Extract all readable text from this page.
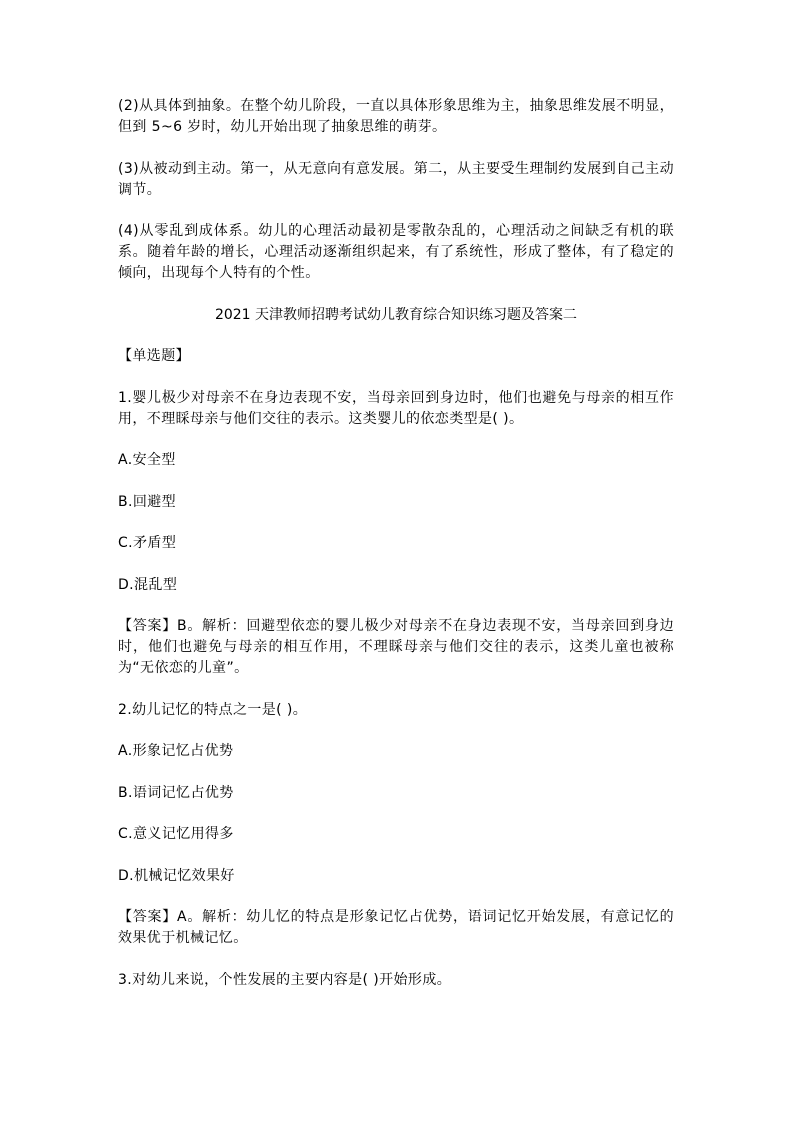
(2)从具体到抽象。在整个幼儿阶段，一直以具体形象思维为主，抽象思维发展不明显，但到 5~6 岁时，幼儿开始出现了抽象思维的萌芽。

(3)从被动到主动。第一，从无意向有意发展。第二，从主要受生理制约发展到自己主动调节。

(4)从零乱到成体系。幼儿的心理活动最初是零散杂乱的，心理活动之间缺乏有机的联系。随着年龄的增长，心理活动逐渐组织起来，有了系统性，形成了整体，有了稳定的倾向，出现每个人特有的个性。

2021 天津教师招聘考试幼儿教育综合知识练习题及答案二

【单选题】

1.婴儿极少对母亲不在身边表现不安，当母亲回到身边时，他们也避免与母亲的相互作用，不理睬母亲与他们交往的表示。这类婴儿的依恋类型是( )。

A.安全型

B.回避型

C.矛盾型

D.混乱型

【答案】B。解析：回避型依恋的婴儿极少对母亲不在身边表现不安，当母亲回到身边时，他们也避免与母亲的相互作用，不理睬母亲与他们交往的表示，这类儿童也被称为“无依恋的儿童”。

2.幼儿记忆的特点之一是( )。

A.形象记忆占优势

B.语词记忆占优势

C.意义记忆用得多

D.机械记忆效果好

【答案】A。解析：幼儿忆的特点是形象记忆占优势，语词记忆开始发展，有意记忆的效果优于机械记忆。

3.对幼儿来说，个性发展的主要内容是( )开始形成。
